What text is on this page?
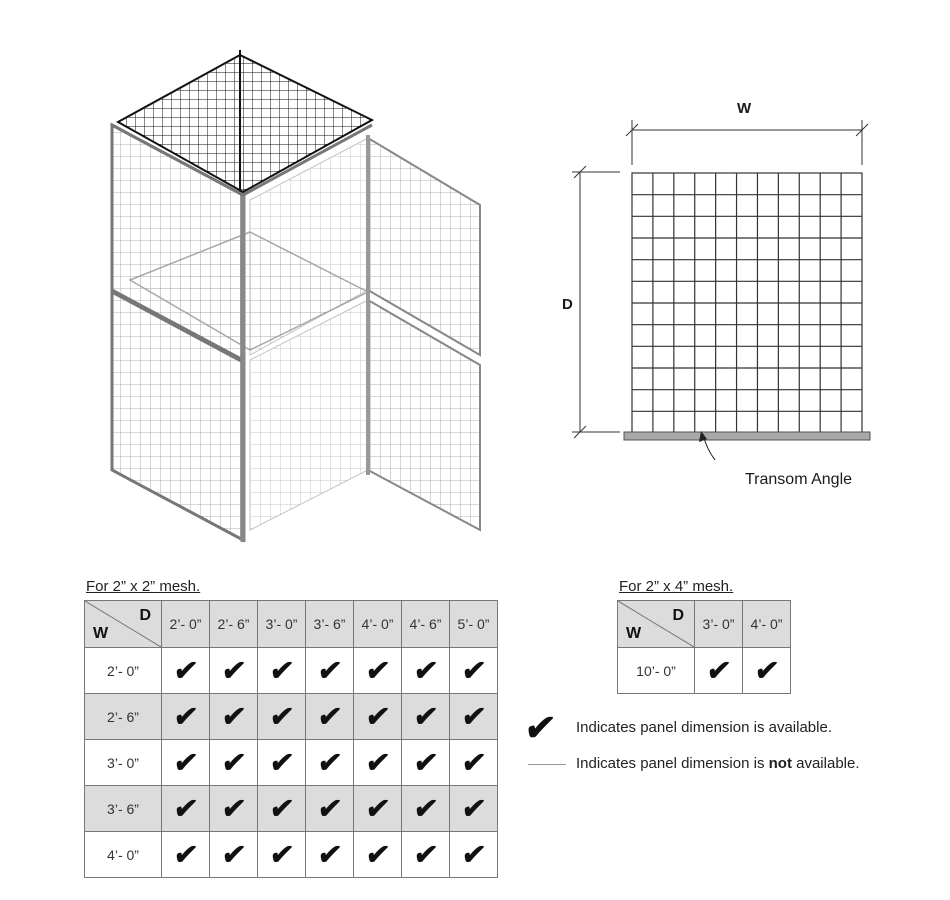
W
D
Transom Angle
For 2” x 2” mesh.
D
W	2’- 0”	2’- 6”	3’- 0”	3’- 6”	4’- 0”	4’- 6”	5’- 0”
2’- 0”	✔	✔	✔	✔	✔	✔	✔
2’- 6”	✔	✔	✔	✔	✔	✔	✔
3’- 0”	✔	✔	✔	✔	✔	✔	✔
3’- 6”	✔	✔	✔	✔	✔	✔	✔
4’- 0”	✔	✔	✔	✔	✔	✔	✔
For 2” x 4” mesh.
D
W	3’- 0”	4’- 0”
10’- 0”	✔	✔
✔ Indicates panel dimension is available.
Indicates panel dimension is not available.
